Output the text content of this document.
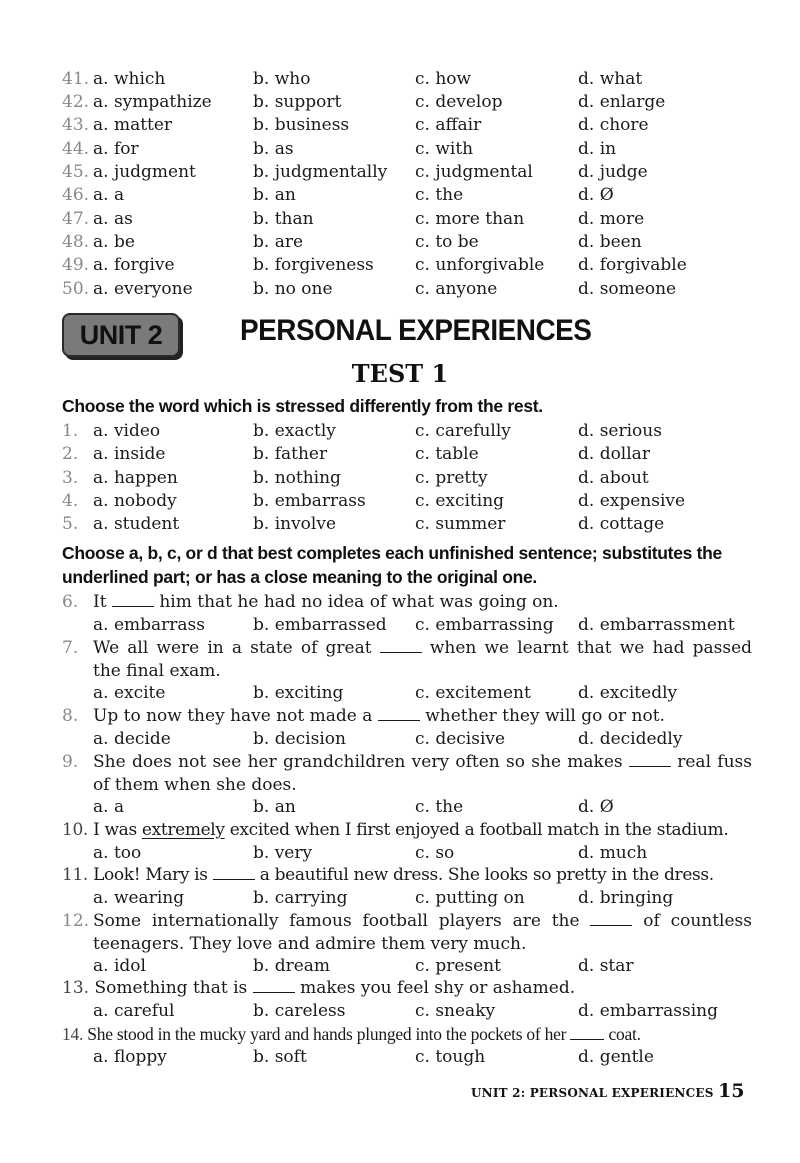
41. a. which	b. who	c. how	d. what
42. a. sympathize b. support	c. develop	d. enlarge
43. a. matter	b. business	c. affair	d. chore
44. a. for	b. as	c. with	d. in
45. a. judgment	b. judgmentally c. judgmental	d. judge
46. a. a	b. an	c. the	d. Ø
47. a. as	b. than	c. more than	d. more
48. a. be	b. are	c. to be	d. been
49. a. forgive	b. forgiveness c. unforgivable d. forgivable
50. a. everyone	b. no one	c. anyone	d. someone
UNIT 2	PERSONAL EXPERIENCES
TEST 1
Choose the word which is stressed differently from the rest.
1. a. video	b. exactly	c. carefully	d. serious
2. a. inside	b. father	c. table	d. dollar
3. a. happen	b. nothing	c. pretty	d. about
4. a. nobody	b. embarrass	c. exciting	d. expensive
5. a. student	b. involve	c. summer	d. cottage
Choose a, b, c, or d that best completes each unfinished sentence; substitutes the
underlined part; or has a close meaning to the original one.
6. It	him that he had no idea of what was going on.
a. embarrass	b. embarrassed c. embarrassing d. embarrassment
7. We all were in a state of great	when we learnt that we had passed
the final exam.
a. excite	b. exciting	c. excitement	d. excitedly
8. Up to now they have not made a	whether they will go or not.
a. decide	b. decision	c. decisive	d. decidedly
9. She does not see her grandchildren very often so she makes	real fuss
of them when she does.
a. a	b. an	c. the	d. Ø
10. I was extremely excited when I first enjoyed a football match in the stadium.
a. too	b. very	c. so	d. much
11. Look! Mary is	a beautiful new dress. She looks so pretty in the dress.
a. wearing	b. carrying	c. putting on	d. bringing
12. Some internationally famous football players are the	of countless
teenagers. They love and admire them very much.
a. idol	b. dream	c. present	d. star
13. Something that is	makes you feel shy or ashamed.
a. careful	b. careless	c. sneaky	d. embarrassing
14. She stood in the mucky yard and hands plunged into the pockets of her coat.
a. floppy	b. soft	c. tough	d. gentle
UNIT 2: PERSONAL EXPERIENCES 15
